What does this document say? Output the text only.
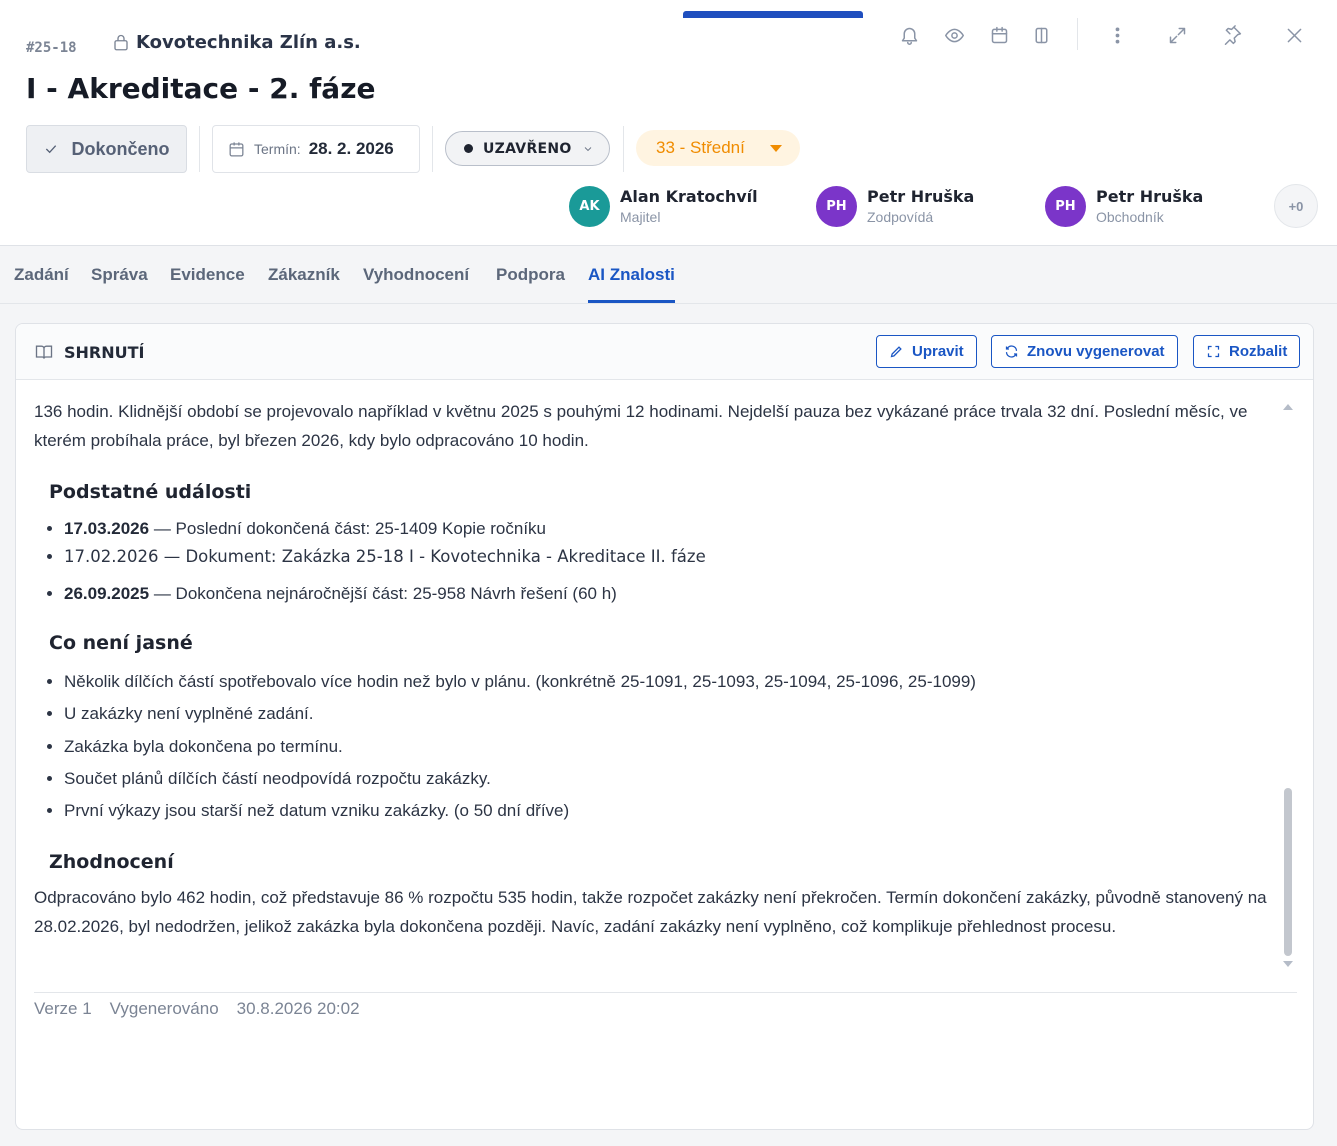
#25-18	Kovotechnika Zlín a.s.
I - Akreditace - 2. fáze
Dokončeno	Termín: 28. 2. 2026	UZAVŘENO	33 - Střední
AK	Alan Kratochvíl
Majitel
PH	Petr Hruška
Zodpovídá
PH	Petr Hruška
Obchodník
+0
Zadání Správa Evidence Zákazník Vyhodnocení Podpora AI Znalosti
SHRNUTÍ	Upravit	Znovu vygenerovat	Rozbalit

136 hodin. Klidnější období se projevovalo například v květnu 2025 s pouhými 12 hodinami. Nejdelší pauza bez vykázané práce trvala 32 dní. Poslední měsíc, ve kterém probíhala práce, byl březen 2026, kdy bylo odpracováno 10 hodin.

Podstatné události
• 17.03.2026 — Poslední dokončená část: 25-1409 Kopie ročníku
• 17.02.2026 — Dokument: Zakázka 25-18 I - Kovotechnika - Akreditace II. fáze
• 26.09.2025 — Dokončena nejnáročnější část: 25-958 Návrh řešení (60 h)
Co není jasné
• Několik dílčích částí spotřebovalo více hodin než bylo v plánu. (konkrétně 25-1091, 25-1093, 25-1094, 25-1096, 25-1099)
• U zakázky není vyplněné zadání.
• Zakázka byla dokončena po termínu.
• Součet plánů dílčích částí neodpovídá rozpočtu zakázky.
• První výkazy jsou starší než datum vzniku zakázky. (o 50 dní dříve)
Zhodnocení

Odpracováno bylo 462 hodin, což představuje 86 % rozpočtu 535 hodin, takže rozpočet zakázky není překročen. Termín dokončení zakázky, původně stanovený na 28.02.2026, byl nedodržen, jelikož zakázka byla dokončena později. Navíc, zadání zakázky není vyplněno, což komplikuje přehlednost procesu.

Verze 1 Vygenerováno 30.8.2026 20:02
